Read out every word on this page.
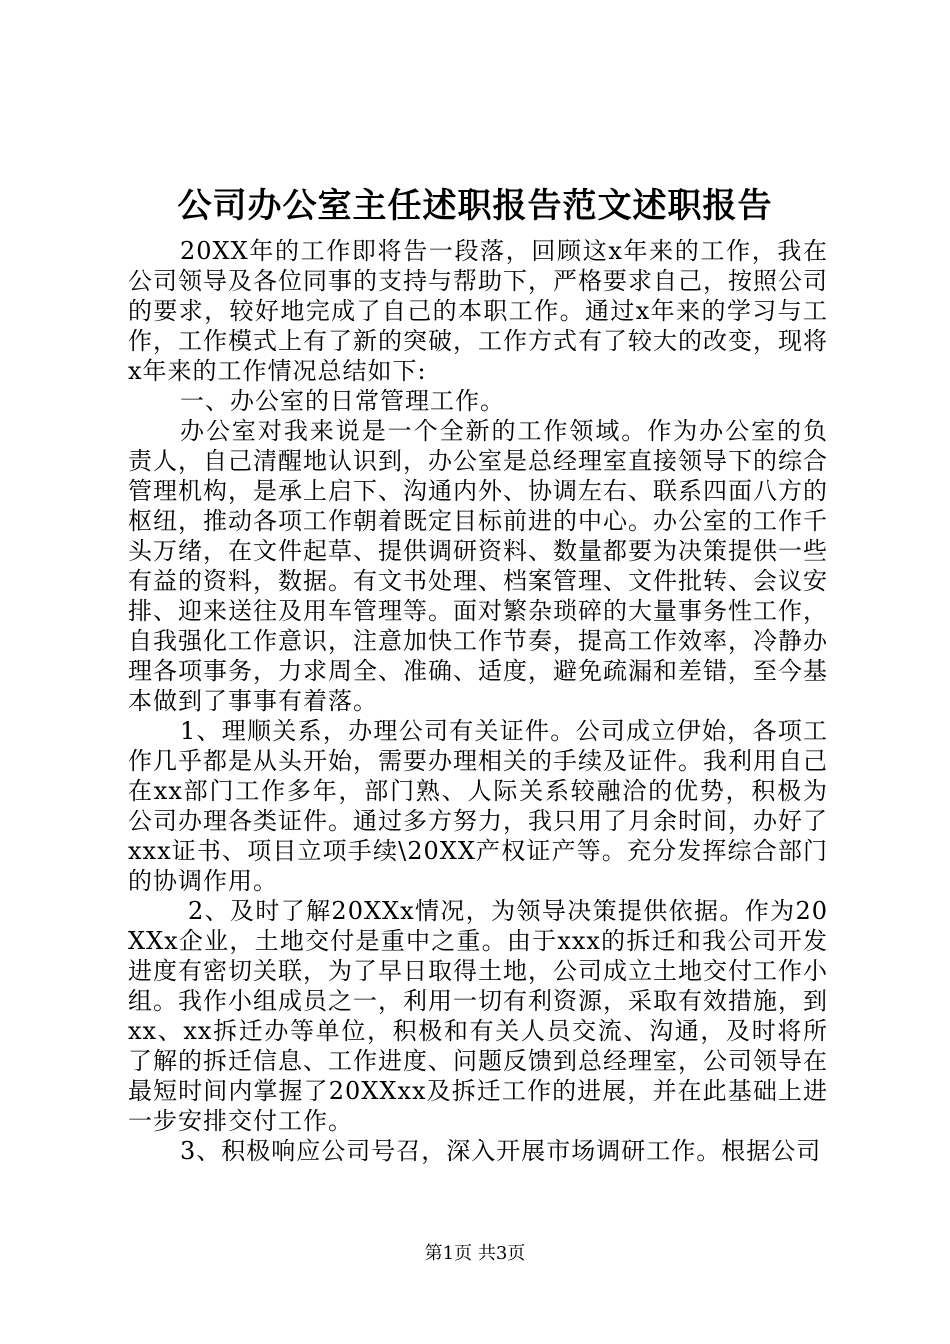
公司办公室主任述职报告范文述职报告

20XX年的工作即将告一段落，回顾这x年来的工作，我在公司领导及各位同事的支持与帮助下，严格要求自己，按照公司的要求，较好地完成了自己的本职工作。通过x年来的学习与工作，工作模式上有了新的突破，工作方式有了较大的改变，现将x年来的工作情况总结如下:

一、办公室的日常管理工作。

办公室对我来说是一个全新的工作领域。作为办公室的负责人，自己清醒地认识到，办公室是总经理室直接领导下的综合管理机构，是承上启下、沟通内外、协调左右、联系四面八方的枢纽，推动各项工作朝着既定目标前进的中心。办公室的工作千头万绪，在文件起草、提供调研资料、数量都要为决策提供一些有益的资料，数据。有文书处理、档案管理、文件批转、会议安排、迎来送往及用车管理等。面对繁杂琐碎的大量事务性工作，自我强化工作意识，注意加快工作节奏，提高工作效率，冷静办理各项事务，力求周全、准确、适度，避免疏漏和差错，至今基本做到了事事有着落。

1、理顺关系，办理公司有关证件。公司成立伊始，各项工作几乎都是从头开始，需要办理相关的手续及证件。我利用自己在xx部门工作多年，部门熟、人际关系较融洽的优势，积极为公司办理各类证件。通过多方努力，我只用了月余时间，办好了xxx证书、项目立项手续\20XX产权证产等。充分发挥综合部门的协调作用。

2、及时了解20XXx情况，为领导决策提供依据。作为20XXx企业，土地交付是重中之重。由于xxx的拆迁和我公司开发进度有密切关联，为了早日取得土地，公司成立土地交付工作小组。我作小组成员之一，利用一切有利资源，采取有效措施，到xx、xx拆迁办等单位，积极和有关人员交流、沟通，及时将所了解的拆迁信息、工作进度、问题反馈到总经理室，公司领导在最短时间内掌握了20XXxx及拆迁工作的进展，并在此基础上进一步安排交付工作。

3、积极响应公司号召，深入开展市场调研工作。根据公司

第1页 共3页
